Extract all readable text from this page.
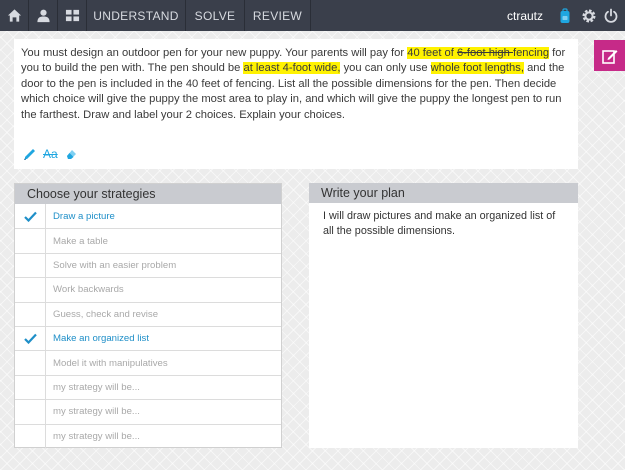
UNDERSTAND	SOLVE	REVIEW	ctrautz
You must design an outdoor pen for your new puppy. Your parents will pay for 40 feet of 6-foot high fencing for you to build the pen with. The pen should be at least 4-foot wide, you can only use whole foot lengths, and the door to the pen is included in the 40 feet of fencing. List all the possible dimensions for the pen. Then decide which choice will give the puppy the most area to play in, and which will give the puppy the longest pen to run the farthest. Draw and label your 2 choices. Explain your choices.
Aa
Choose your strategies
Draw a picture
Make a table
Solve with an easier problem
Work backwards
Guess, check and revise
Make an organized list
Model it with manipulatives
my strategy will be...
my strategy will be...
my strategy will be...
Write your plan
I will draw pictures and make an organized list of all the possible dimensions.
